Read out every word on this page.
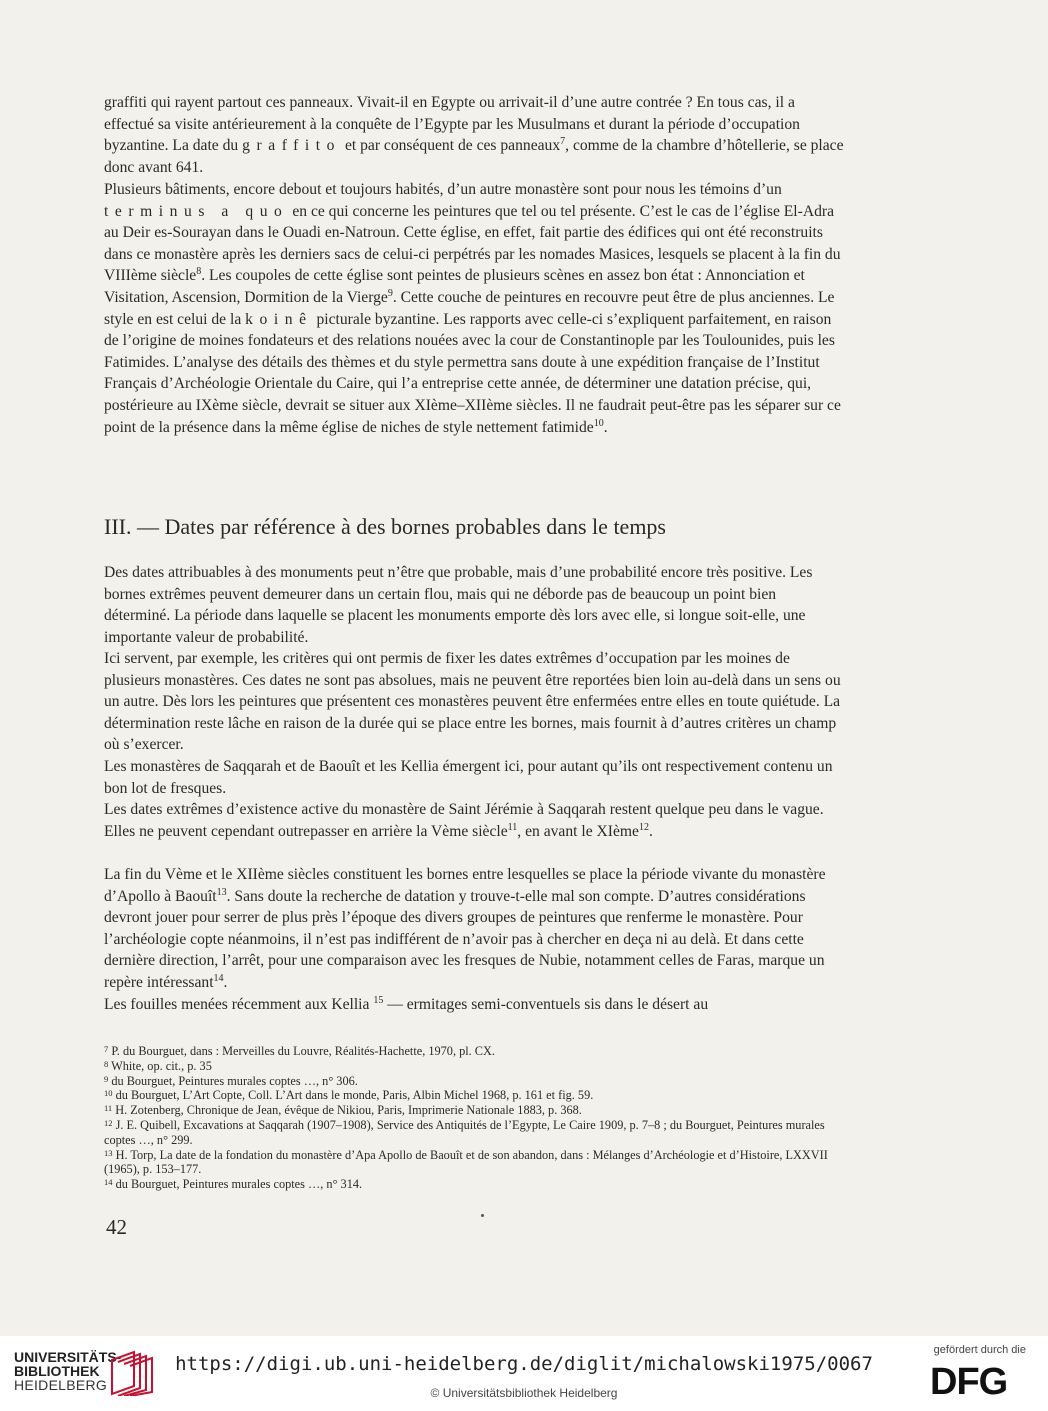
graffiti qui rayent partout ces panneaux. Vivait-il en Egypte ou arrivait-il d’une autre contrée ? En tous cas, il a effectué sa visite antérieurement à la conquête de l’Egypte par les Musulmans et durant la période d’occupation byzantine. La date du graffito et par conséquent de ces panneaux$^7$, comme de la chambre d’hôtellerie, se place donc avant 641.

Plusieurs bâtiments, encore debout et toujours habités, d’un autre monastère sont pour nous les témoins d’un terminus a quo en ce qui concerne les peintures que tel ou tel présente. C’est le cas de l’église El-Adra au Deir es-Sourayan dans le Ouadi en-Natroun. Cette église, en effet, fait partie des édifices qui ont été reconstruits dans ce monastère après les derniers sacs de celui-ci perpétrés par les nomades Masices, lesquels se placent à la fin du VIIIème siècle$^8$. Les coupoles de cette église sont peintes de plusieurs scènes en assez bon état : Annonciation et Visitation, Ascension, Dormition de la Vierge$^9$. Cette couche de peintures en recouvre peut être de plus anciennes. Le style en est celui de la koinê picturale byzantine. Les rapports avec celle-ci s’expliquent parfaitement, en raison de l’origine de moines fondateurs et des relations nouées avec la cour de Constantinople par les Toulounides, puis les Fatimides. L’analyse des détails des thèmes et du style permettra sans doute à une expédition française de l’Institut Français d’Archéologie Orientale du Caire, qui l’a entreprise cette année, de déterminer une datation précise, qui, postérieure au IXème siècle, devrait se situer aux XIème–XIIème siècles. Il ne faudrait peut-être pas les séparer sur ce point de la présence dans la même église de niches de style nettement fatimide$^{10}$.

III. — Dates par référence à des bornes probables dans le temps

Des dates attribuables à des monuments peut n’être que probable, mais d’une probabilité encore très positive. Les bornes extrêmes peuvent demeurer dans un certain flou, mais qui ne déborde pas de beaucoup un point bien déterminé. La période dans laquelle se placent les monuments emporte dès lors avec elle, si longue soit-elle, une importante valeur de probabilité.

Ici servent, par exemple, les critères qui ont permis de fixer les dates extrêmes d’occupation par les moines de plusieurs monastères. Ces dates ne sont pas absolues, mais ne peuvent être reportées bien loin au-delà dans un sens ou un autre. Dès lors les peintures que présentent ces monastères peuvent être enfermées entre elles en toute quiétude. La détermination reste lâche en raison de la durée qui se place entre les bornes, mais fournit à d’autres critères un champ où s’exercer.

Les monastères de Saqqarah et de Baouît et les Kellia émergent ici, pour autant qu’ils ont respectivement contenu un bon lot de fresques.

Les dates extrêmes d’existence active du monastère de Saint Jérémie à Saqqarah restent quelque peu dans le vague. Elles ne peuvent cependant outrepasser en arrière la Vème siècle$^{11}$, en avant le XIème$^{12}$.

La fin du Vème et le XIIème siècles constituent les bornes entre lesquelles se place la période vivante du monastère d’Apollo à Baouît$^{13}$. Sans doute la recherche de datation y trouve-t-elle mal son compte. D’autres considérations devront jouer pour serrer de plus près l’époque des divers groupes de peintures que renferme le monastère. Pour l’archéologie copte néanmoins, il n’est pas indifférent de n’avoir pas à chercher en deça ni au delà. Et dans cette dernière direction, l’arrêt, pour une comparaison avec les fresques de Nubie, notamment celles de Faras, marque un repère intéressant$^{14}$.

Les fouilles menées récemment aux Kellia $^{15}$ — ermitages semi-conventuels sis dans le désert au

$^7$ P. du Bourguet, dans : Merveilles du Louvre, Réalités-Hachette, 1970, pl. CX.

$^8$ White, op. cit., p. 35

$^9$ du Bourguet, Peintures murales coptes …, n° 306.

$^{10}$ du Bourguet, L’Art Copte, Coll. L’Art dans le monde, Paris, Albin Michel 1968, p. 161 et fig. 59.

$^{11}$ H. Zotenberg, Chronique de Jean, évêque de Nikiou, Paris, Imprimerie Nationale 1883, p. 368.

$^{12}$ J. E. Quibell, Excavations at Saqqarah (1907–1908), Service des Antiquités de l’Egypte, Le Caire 1909, p. 7–8 ; du Bourguet, Peintures murales coptes …, n° 299.

$^{13}$ H. Torp, La date de la fondation du monastère d’Apa Apollo de Baouît et de son abandon, dans : Mélanges d’Archéologie et d’Histoire, LXXVII (1965), p. 153–177.

$^{14}$ du Bourguet, Peintures murales coptes …, n° 314.

42
UNIVERSITÄTS-
BIBLIOTHEK
HEIDELBERG
https://digi.ub.uni-heidelberg.de/diglit/michalowski1975/0067
© Universitätsbibliothek Heidelberg
gefördert durch die
DFG
